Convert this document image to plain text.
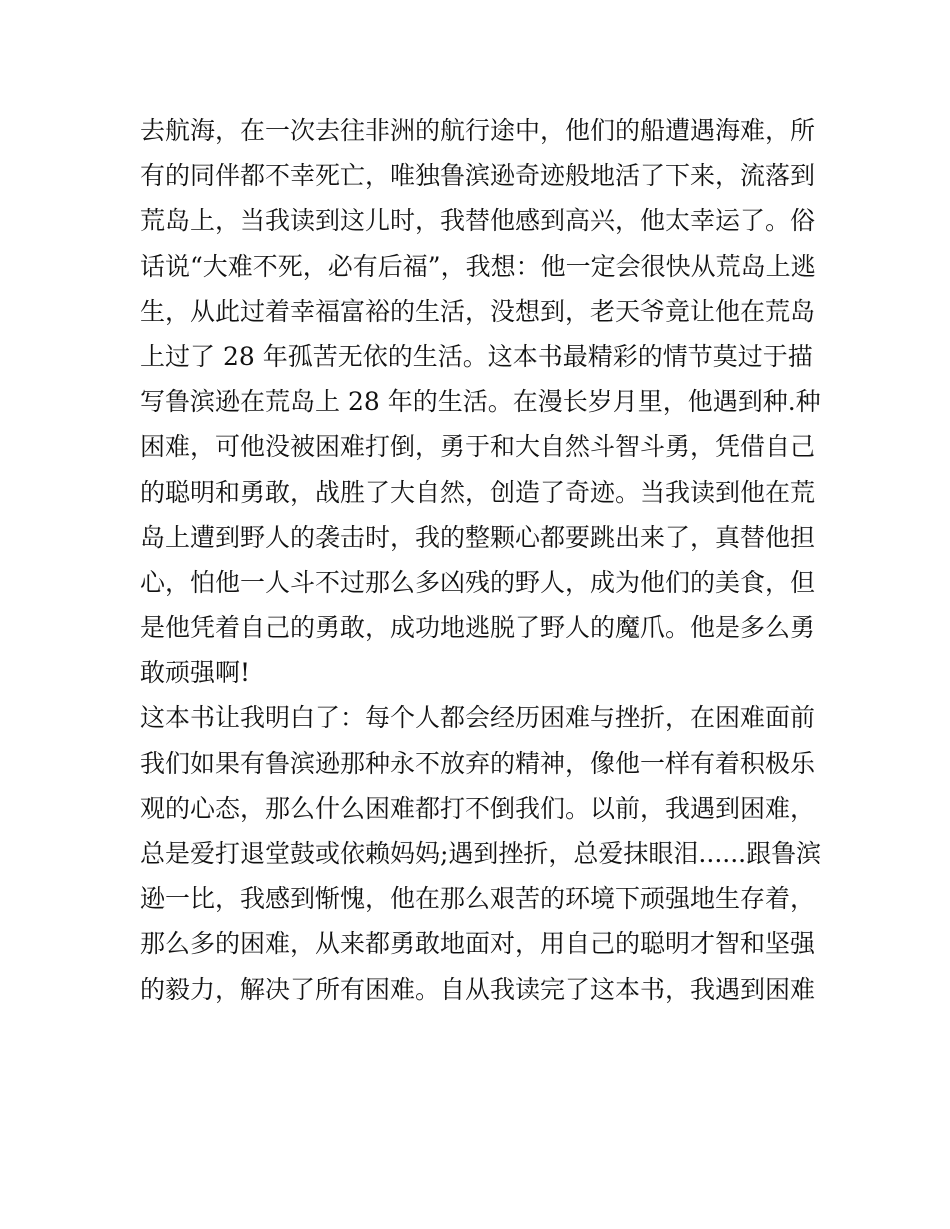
去航海，在一次去往非洲的航行途中，他们的船遭遇海难，所
有的同伴都不幸死亡，唯独鲁滨逊奇迹般地活了下来，流落到
荒岛上，当我读到这儿时，我替他感到高兴，他太幸运了。俗
话说“大难不死，必有后福”，我想：他一定会很快从荒岛上逃
生，从此过着幸福富裕的生活，没想到，老天爷竟让他在荒岛
上过了 28 年孤苦无依的生活。这本书最精彩的情节莫过于描
写鲁滨逊在荒岛上 28 年的生活。在漫长岁月里，他遇到种.种
困难，可他没被困难打倒，勇于和大自然斗智斗勇，凭借自己
的聪明和勇敢，战胜了大自然，创造了奇迹。当我读到他在荒
岛上遭到野人的袭击时，我的整颗心都要跳出来了，真替他担
心，怕他一人斗不过那么多凶残的野人，成为他们的美食，但
是他凭着自己的勇敢，成功地逃脱了野人的魔爪。他是多么勇
敢顽强啊!
这本书让我明白了：每个人都会经历困难与挫折，在困难面前
我们如果有鲁滨逊那种永不放弃的精神，像他一样有着积极乐
观的心态，那么什么困难都打不倒我们。以前，我遇到困难，
总是爱打退堂鼓或依赖妈妈;遇到挫折，总爱抹眼泪......跟鲁滨
逊一比，我感到惭愧，他在那么艰苦的环境下顽强地生存着，
那么多的困难，从来都勇敢地面对，用自己的聪明才智和坚强
的毅力，解决了所有困难。自从我读完了这本书，我遇到困难
